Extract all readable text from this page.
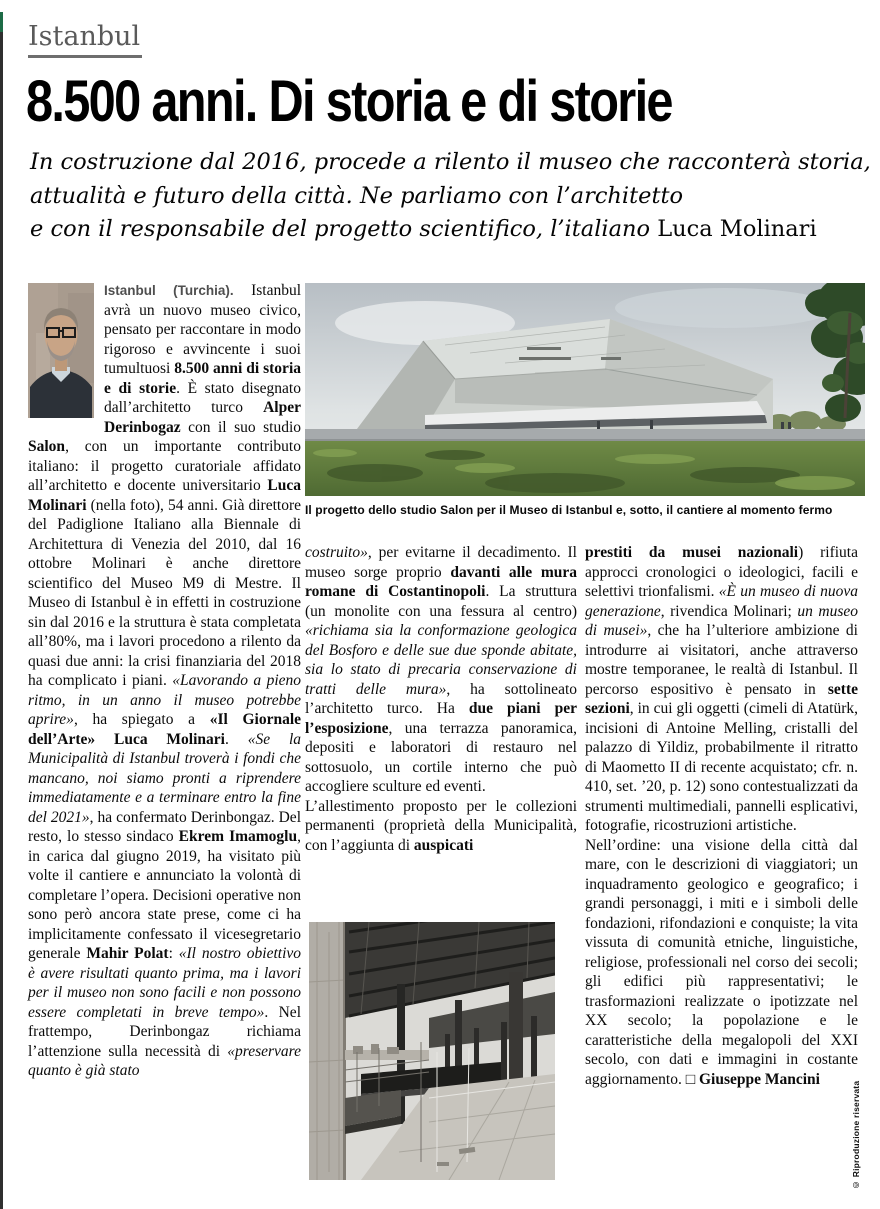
Istanbul
8.500 anni. Di storia e di storie
In costruzione dal 2016, procede a rilento il museo che racconterà storia,
attualità e futuro della città. Ne parliamo con l’architetto
e con il responsabile del progetto scientifico, l’italiano Luca Molinari
Istanbul (Turchia). Istanbul avrà un nuovo museo civico, pensato per raccontare in modo rigoroso e avvincente i suoi tumultuosi 8.500 anni di storia e di storie. È stato disegnato dall’architetto turco Alper Derinbogaz con il suo studio Salon, con un importante contributo italiano: il progetto curatoriale affidato all’architetto e docente universitario Luca Molinari (nella foto), 54 anni. Già direttore del Padiglione Italiano alla Biennale di Architettura di Venezia del 2010, dal 16 ottobre Molinari è anche direttore scientifico del Museo M9 di Mestre. Il Museo di Istanbul è in effetti in costruzione sin dal 2016 e la struttura è stata completata all’80%, ma i lavori procedono a rilento da quasi due anni: la crisi finanziaria del 2018 ha complicato i piani. «Lavorando a pieno ritmo, in un anno il museo potrebbe aprire», ha spiegato a «Il Giornale dell’Arte» Luca Molinari. «Se la Municipalità di Istanbul troverà i fondi che mancano, noi siamo pronti a riprendere immediatamente e a terminare entro la fine del 2021», ha confermato Derinbongaz. Del resto, lo stesso sindaco Ekrem Imamoglu, in carica dal giugno 2019, ha visitato più volte il cantiere e annunciato la volontà di completare l’opera. Decisioni operative non sono però ancora state prese, come ci ha implicitamente confessato il vicesegretario generale Mahir Polat: «Il nostro obiettivo è avere risultati quanto prima, ma i lavori per il museo non sono facili e non possono essere completati in breve tempo». Nel frattempo, Derinbongaz richiama l’attenzione sulla necessità di «preservare quanto è già stato
Il progetto dello studio Salon per il Museo di Istanbul e, sotto, il cantiere al momento fermo
costruito», per evitarne il decadimento. Il museo sorge proprio davanti alle mura romane di Costantinopoli. La struttura (un monolite con una fessura al centro) «richiama sia la conformazione geologica del Bosforo e delle sue due sponde abitate, sia lo stato di precaria conservazione di tratti delle mura», ha sottolineato l’architetto turco. Ha due piani per l’esposizione, una terrazza panoramica, depositi e laboratori di restauro nel sottosuolo, un cortile interno che può accogliere sculture ed eventi.
L’allestimento proposto per le collezioni permanenti (proprietà della Municipalità, con l’aggiunta di auspicati
prestiti da musei nazionali) rifiuta approcci cronologici o ideologici, facili e selettivi trionfalismi. «È un museo di nuova generazione, rivendica Molinari; un museo di musei», che ha l’ulteriore ambizione di introdurre ai visitatori, anche attraverso mostre temporanee, le realtà di Istanbul. Il percorso espositivo è pensato in sette sezioni, in cui gli oggetti (cimeli di Atatürk, incisioni di Antoine Melling, cristalli del palazzo di Yildiz, probabilmente il ritratto di Maometto II di recente acquistato; cfr. n. 410, set. ’20, p. 12) sono contestualizzati da strumenti multimediali, pannelli esplicativi, fotografie, ricostruzioni artistiche.
Nell’ordine: una visione della città dal mare, con le descrizioni di viaggiatori; un inquadramento geologico e geografico; i grandi personaggi, i miti e i simboli delle fondazioni, rifondazioni e conquiste; la vita vissuta di comunità etniche, linguistiche, religiose, professionali nel corso dei secoli; gli edifici più rappresentativi; le trasformazioni realizzate o ipotizzate nel XX secolo; la popolazione e le caratteristiche della megalopoli del XXI secolo, con dati e immagini in costante aggiornamento. □ Giuseppe Mancini
© Riproduzione riservata
